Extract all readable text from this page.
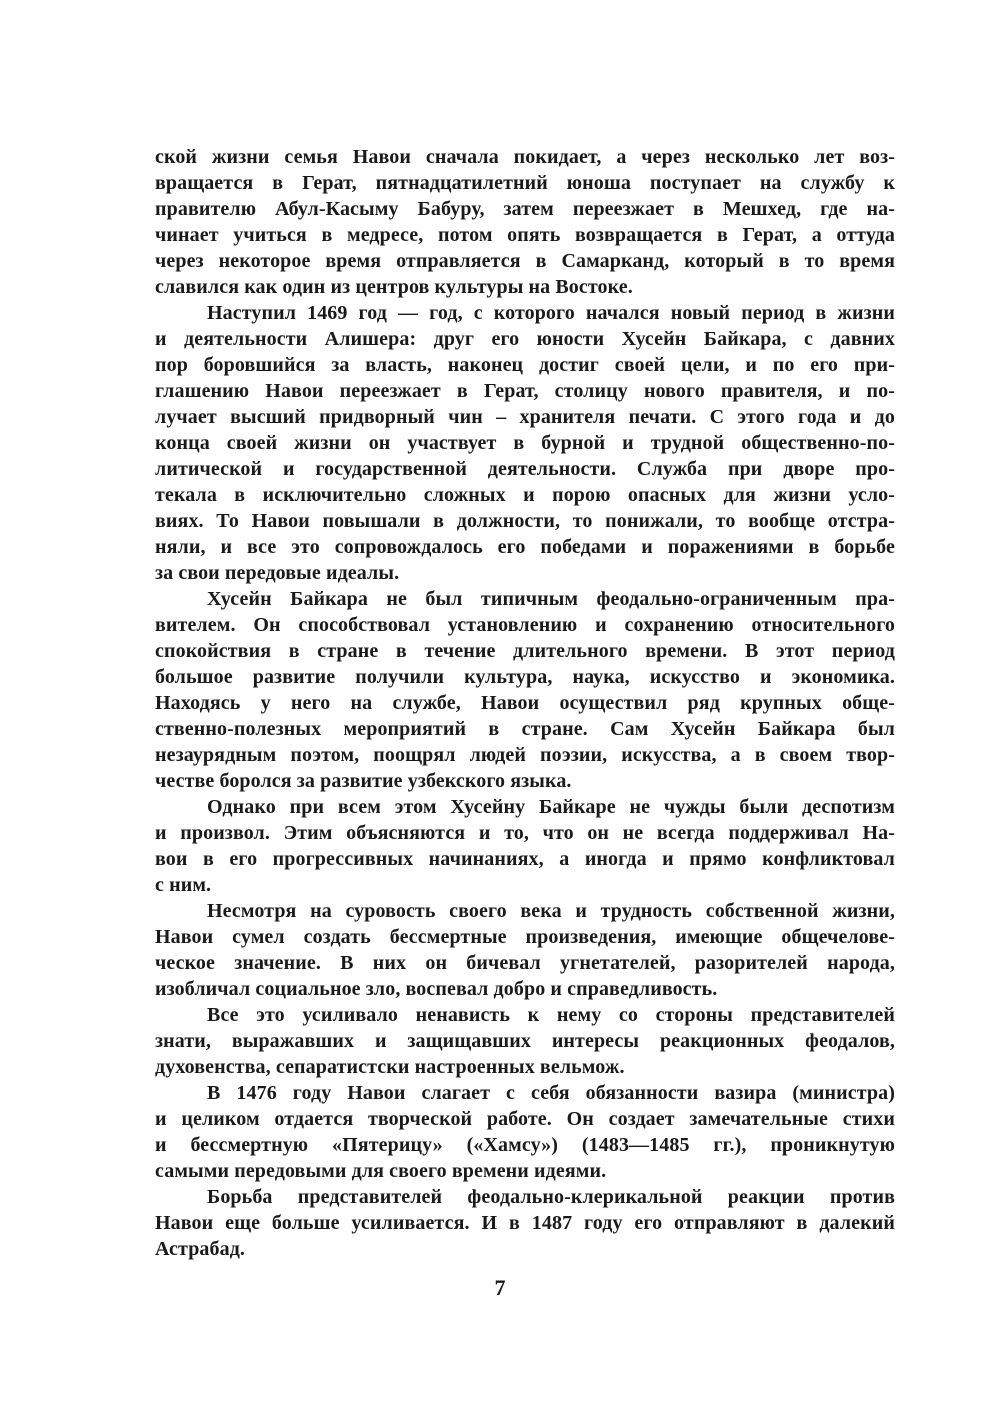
ской жизни семья Навои сначала покидает, а через несколько лет воз-
вращается в Герат, пятнадцатилетний юноша поступает на службу к
правителю Абул-Касыму Бабуру, затем переезжает в Мешхед, где на-
чинает учиться в медресе, потом опять возвращается в Герат, а оттуда
через некоторое время отправляется в Самарканд, который в то время
славился как один из центров культуры на Востоке.
Наступил 1469 год — год, с которого начался новый период в жизни
и деятельности Алишера: друг его юности Хусейн Байкара, с давних
пор боровшийся за власть, наконец достиг своей цели, и по его при-
глашению Навои переезжает в Герат, столицу нового правителя, и по-
лучает высший придворный чин – хранителя печати. С этого года и до
конца своей жизни он участвует в бурной и трудной общественно-по-
литической и государственной деятельности. Служба при дворе про-
текала в исключительно сложных и порою опасных для жизни усло-
виях. То Навои повышали в должности, то понижали, то вообще отстра-
няли, и все это сопровождалось его победами и поражениями в борьбе
за свои передовые идеалы.
Хусейн Байкара не был типичным феодально-ограниченным пра-
вителем. Он способствовал установлению и сохранению относительного
спокойствия в стране в течение длительного времени. В этот период
большое развитие получили культура, наука, искусство и экономика.
Находясь у него на службе, Навои осуществил ряд крупных обще-
ственно-полезных мероприятий в стране. Сам Хусейн Байкара был
незаурядным поэтом, поощрял людей поэзии, искусства, а в своем твор-
честве боролся за развитие узбекского языка.
Однако при всем этом Хусейну Байкаре не чужды были деспотизм
и произвол. Этим объясняются и то, что он не всегда поддерживал На-
вои в его прогрессивных начинаниях, а иногда и прямо конфликтовал
с ним.
Несмотря на суровость своего века и трудность собственной жизни,
Навои сумел создать бессмертные произведения, имеющие общечелове-
ческое значение. В них он бичевал угнетателей, разорителей народа,
изобличал социальное зло, воспевал добро и справедливость.
Все это усиливало ненависть к нему со стороны представителей
знати, выражавших и защищавших интересы реакционных феодалов,
духовенства, сепаратистски настроенных вельмож.
В 1476 году Навои слагает с себя обязанности вазира (министра)
и целиком отдается творческой работе. Он создает замечательные стихи
и бессмертную «Пятерицу» («Хамсу») (1483—1485 гг.), проникнутую
самыми передовыми для своего времени идеями.
Борьба представителей феодально-клерикальной реакции против
Навои еще больше усиливается. И в 1487 году его отправляют в далекий
Астрабад.
7
